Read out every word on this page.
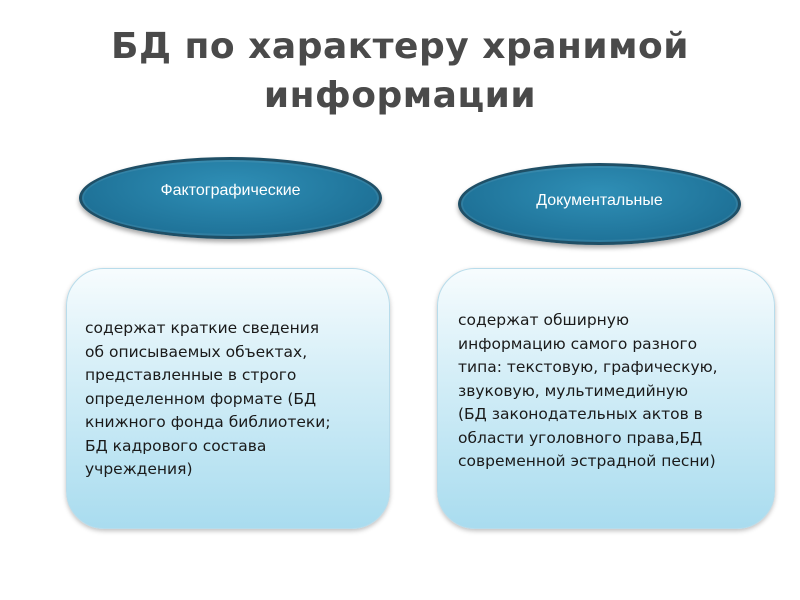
БД по характеру хранимой
информации
Фактографические
Документальные

содержат краткие сведения
об описываемых объектах,
представленные в строго
определенном формате (БД
книжного фонда библиотеки;
БД кадрового состава
учреждения)

содержат обширную
информацию самого разного
типа: текстовую, графическую,
звуковую, мультимедийную
(БД законодательных актов в
области уголовного права,БД
современной эстрадной песни)
